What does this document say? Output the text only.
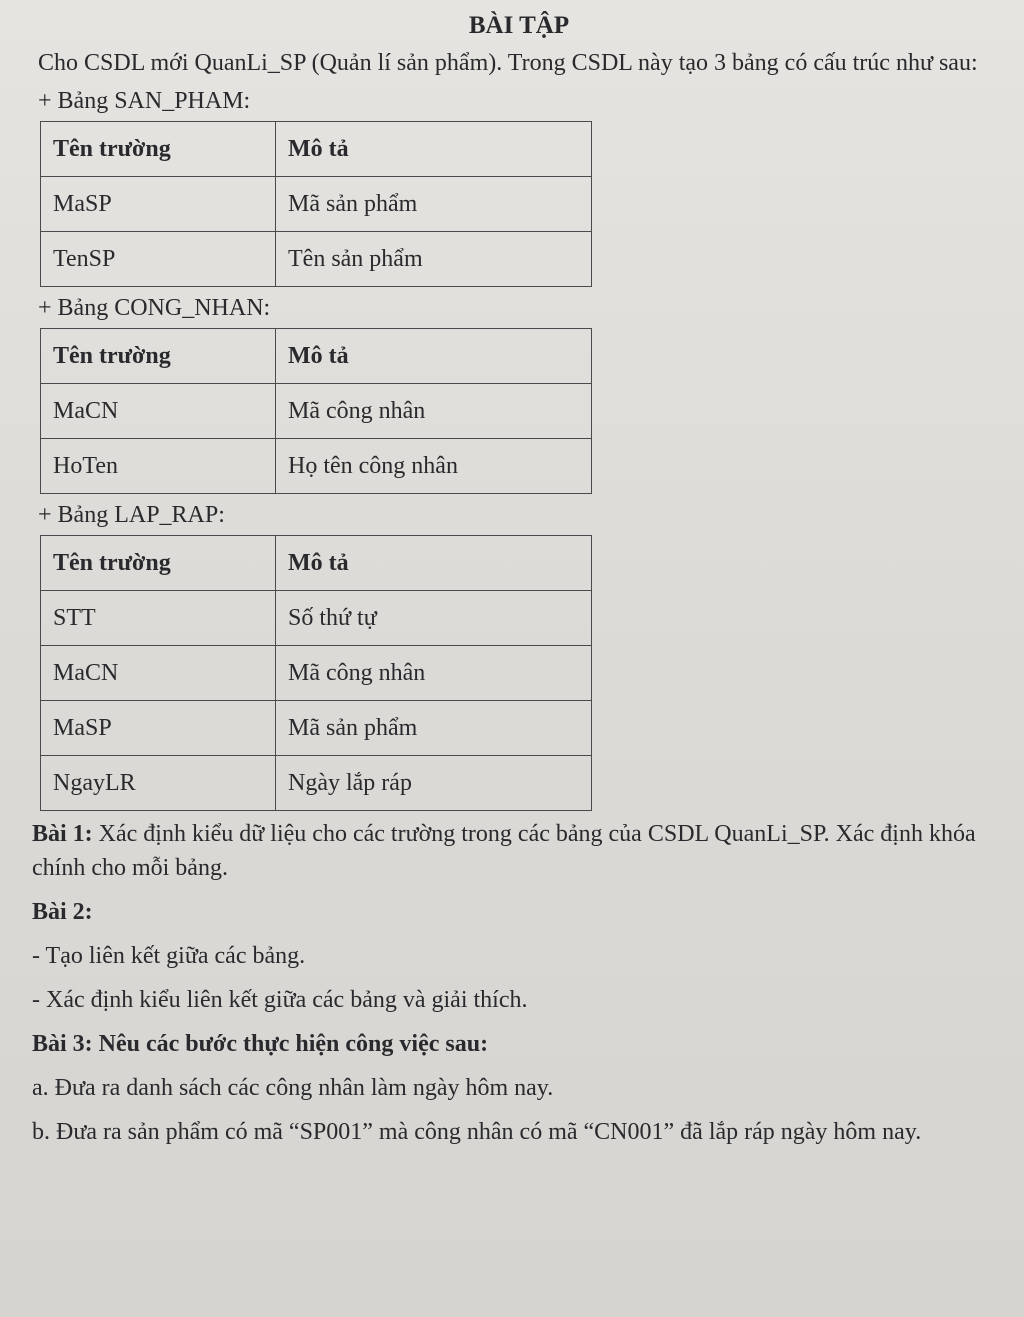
BÀI TẬP

Cho CSDL mới QuanLi_SP (Quản lí sản phẩm). Trong CSDL này tạo 3 bảng có cấu trúc như sau:

+ Bảng SAN_PHAM:
Tên trường	Mô tả
MaSP	Mã sản phẩm
TenSP	Tên sản phẩm
+ Bảng CONG_NHAN:
Tên trường	Mô tả
MaCN	Mã công nhân
HoTen	Họ tên công nhân
+ Bảng LAP_RAP:
Tên trường	Mô tả
STT	Số thứ tự
MaCN	Mã công nhân
MaSP	Mã sản phẩm
NgayLR	Ngày lắp ráp

Bài 1: Xác định kiểu dữ liệu cho các trường trong các bảng của CSDL QuanLi_SP. Xác định khóa chính cho mỗi bảng.

Bài 2:

- Tạo liên kết giữa các bảng.

- Xác định kiểu liên kết giữa các bảng và giải thích.

Bài 3: Nêu các bước thực hiện công việc sau:

a. Đưa ra danh sách các công nhân làm ngày hôm nay.

b. Đưa ra sản phẩm có mã “SP001” mà công nhân có mã “CN001” đã lắp ráp ngày hôm nay.
